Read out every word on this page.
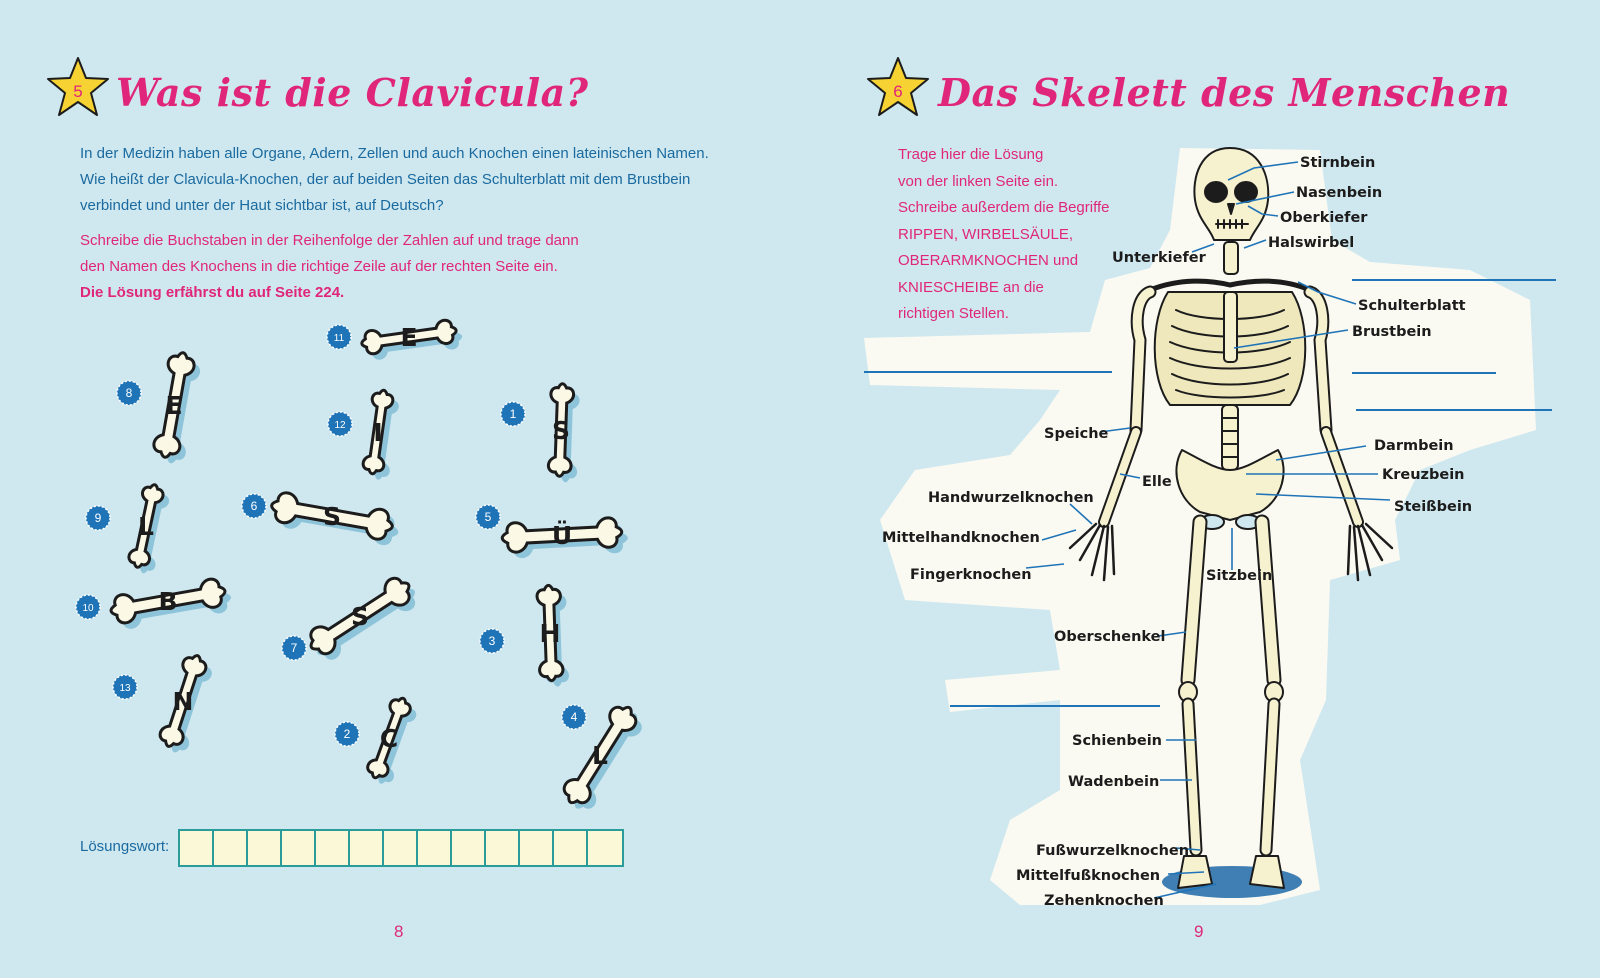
5 Was ist die Clavicula?

In der Medizin haben alle Organe, Adern, Zellen und auch Knochen einen lateinischen Namen.
Wie heißt der Clavicula-Knochen, der auf beiden Seiten das Schulterblatt mit dem Brustbein
verbindet und unter der Haut sichtbar ist, auf Deutsch?

Schreibe die Buchstaben in der Reihenfolge der Zahlen auf und trage dann
den Namen des Knochens in die richtige Zeile auf der rechten Seite ein.
Die Lösung erfährst du auf Seite 224.

E
8
E
11
I
12	S
1
L
9	S
6
Ü
5
B
10	S
7	H
3
N
13
C
2
L
4
Lösungswort:
8
6 Das Skelett des Menschen
Trage hier die Lösung
von der linken Seite ein.
Schreibe außerdem die Begriffe
RIPPEN, WIRBELSÄULE,
OBERARMKNOCHEN und
KNIESCHEIBE an die
richtigen Stellen.
Stirnbein
Nasenbein
Oberkiefer
Halswirbel
Unterkiefer
Schulterblatt
Brustbein
Speiche
Elle
Darmbein
Kreuzbein
Steißbein
Handwurzelknochen
Mittelhandknochen
Fingerknochen	Sitzbein
Oberschenkel
Schienbein
Wadenbein
Fußwurzelknochen
Mittelfußknochen
Zehenknochen
9
